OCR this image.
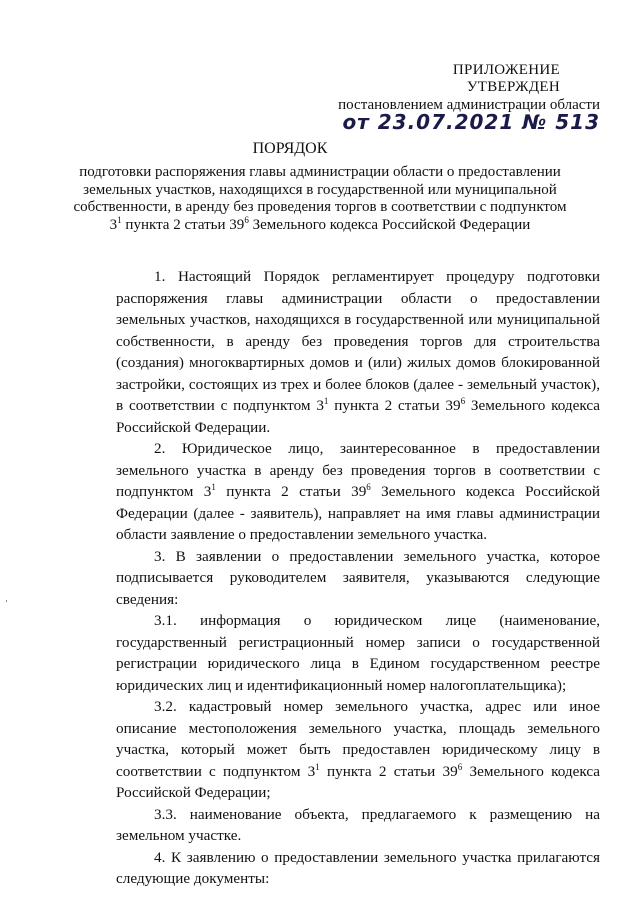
ПРИЛОЖЕНИЕ
УТВЕРЖДЕН
постановлением администрации области
от 23.07.2021 № 513
ПОРЯДОК
подготовки распоряжения главы администрации области о предоставлении земельных участков, находящихся в государственной или муниципальной собственности, в аренду без проведения торгов в соответствии с подпунктом $3^1$ пункта 2 статьи $39^6$ Земельного кодекса Российской Федерации

1. Настоящий Порядок регламентирует процедуру подготовки распоряжения главы администрации области о предоставлении земельных участков, находящихся в государственной или муниципальной собственности, в аренду без проведения торгов для строительства (создания) многоквартирных домов и (или) жилых домов блокированной застройки, состоящих из трех и более блоков (далее - земельный участок), в соответствии с подпунктом $3^1$ пункта 2 статьи $39^6$ Земельного кодекса Российской Федерации.

2. Юридическое лицо, заинтересованное в предоставлении земельного участка в аренду без проведения торгов в соответствии с подпунктом $3^1$ пункта 2 статьи $39^6$ Земельного кодекса Российской Федерации (далее - заявитель), направляет на имя главы администрации области заявление о предоставлении земельного участка.

3. В заявлении о предоставлении земельного участка, которое подписывается руководителем заявителя, указываются следующие сведения:

3.1. информация о юридическом лице (наименование, государственный регистрационный номер записи о государственной регистрации юридического лица в Едином государственном реестре юридических лиц и идентификационный номер налогоплательщика);

3.2. кадастровый номер земельного участка, адрес или иное описание местоположения земельного участка, площадь земельного участка, который может быть предоставлен юридическому лицу в соответствии с подпунктом $3^1$ пункта 2 статьи $39^6$ Земельного кодекса Российской Федерации;

3.3. наименование объекта, предлагаемого к размещению на земельном участке.

4. К заявлению о предоставлении земельного участка прилагаются следующие документы:
